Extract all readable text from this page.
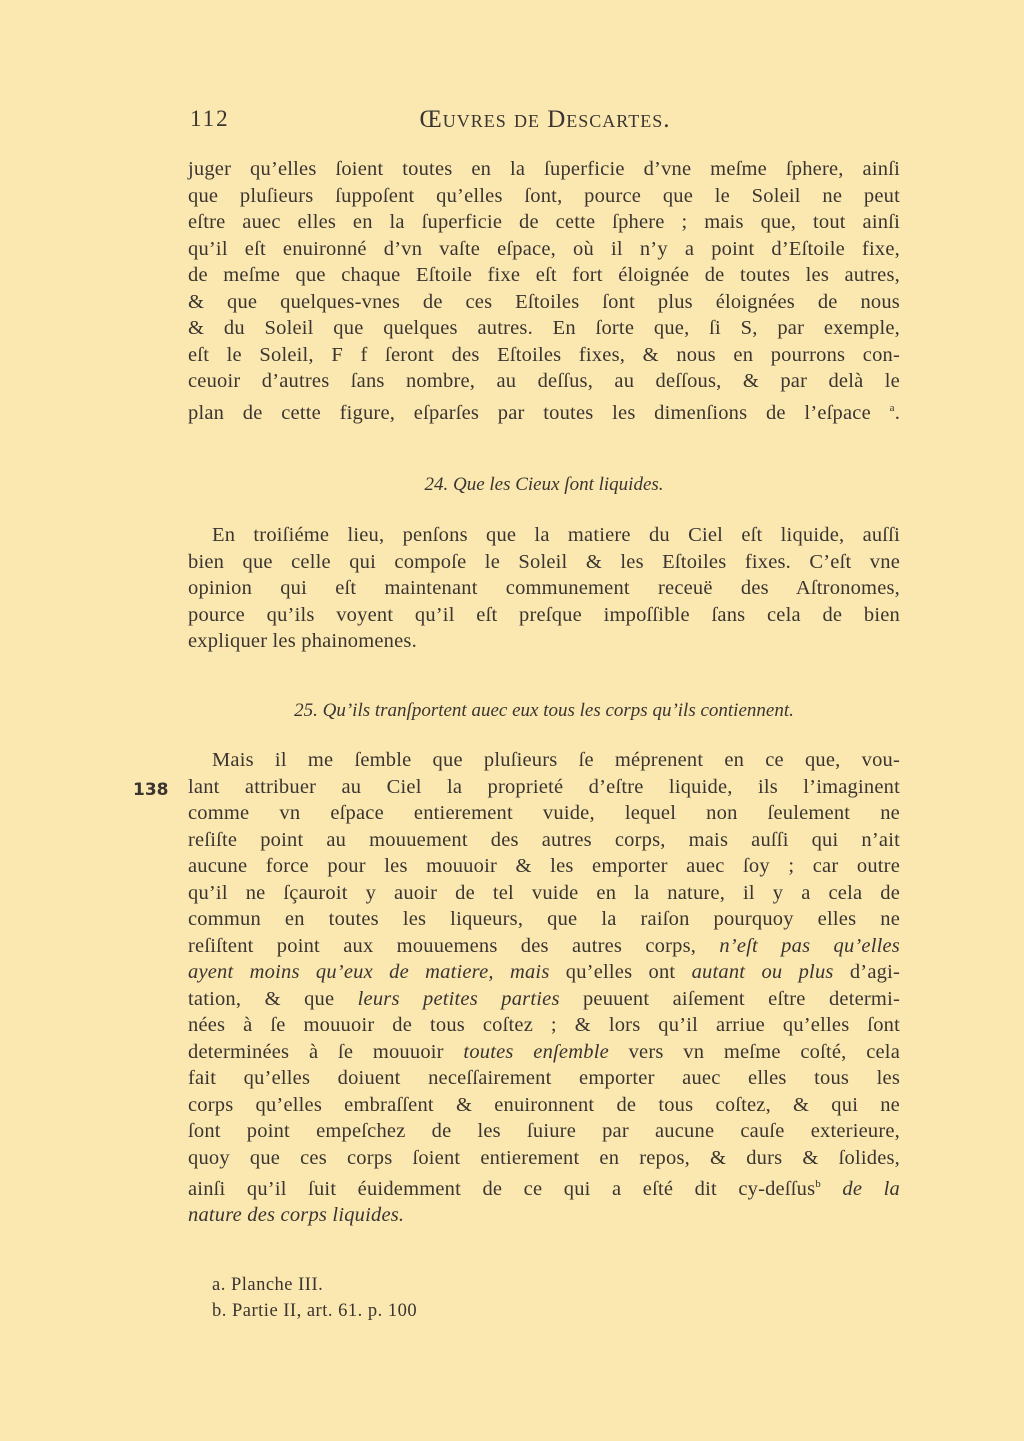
112	Œuvres de Descartes.
juger qu’elles ſoient toutes en la ſuperficie d’vne meſme ſphere, ainſi
que pluſieurs ſuppoſent qu’elles ſont, pource que le Soleil ne peut
eſtre auec elles en la ſuperficie de cette ſphere ; mais que, tout ainſi
qu’il eſt enuironné d’vn vaſte eſpace, où il n’y a point d’Eſtoile fixe,
de meſme que chaque Eſtoile fixe eſt fort éloignée de toutes les autres,
& que quelques-vnes de ces Eſtoiles ſont plus éloignées de nous
& du Soleil que quelques autres. En ſorte que, ſi S, par exemple,
eſt le Soleil, F f ſeront des Eſtoiles fixes, & nous en pourrons con-
ceuoir d’autres ſans nombre, au deſſus, au deſſous, & par delà le
plan de cette figure, eſparſes par toutes les dimenſions de l’eſpace $^a$.
24. Que les Cieux ſont liquides.
En troiſiéme lieu, penſons que la matiere du Ciel eſt liquide, auſſi
bien que celle qui compoſe le Soleil & les Eſtoiles fixes. C’eſt vne
opinion qui eſt maintenant communement receuë des Aſtronomes,
pource qu’ils voyent qu’il eſt preſque impoſſible ſans cela de bien
expliquer les phainomenes.
25. Qu’ils tranſportent auec eux tous les corps qu’ils contiennent.
138
Mais il me ſemble que pluſieurs ſe méprenent en ce que, vou-
lant attribuer au Ciel la proprieté d’eſtre liquide, ils l’imaginent
comme vn eſpace entierement vuide, lequel non ſeulement ne
reſiſte point au mouuement des autres corps, mais auſſi qui n’ait
aucune force pour les mouuoir & les emporter auec ſoy ; car outre
qu’il ne ſçauroit y auoir de tel vuide en la nature, il y a cela de
commun en toutes les liqueurs, que la raiſon pourquoy elles ne
reſiſtent point aux mouuemens des autres corps, n’eſt pas qu’elles
ayent moins qu’eux de matiere, mais qu’elles ont autant ou plus d’agi-
tation, & que leurs petites parties peuuent aiſement eſtre determi-
nées à ſe mouuoir de tous coſtez ; & lors qu’il arriue qu’elles ſont
determinées à ſe mouuoir toutes enſemble vers vn meſme coſté, cela
fait qu’elles doiuent neceſſairement emporter auec elles tous les
corps qu’elles embraſſent & enuironnent de tous coſtez, & qui ne
ſont point empeſchez de les ſuiure par aucune cauſe exterieure,
quoy que ces corps ſoient entierement en repos, & durs & ſolides,
ainſi qu’il ſuit éuidemment de ce qui a eſté dit cy-deſſus$^b$ de la
nature des corps liquides.
a. Planche III.
b. Partie II, art. 61. p. 100
